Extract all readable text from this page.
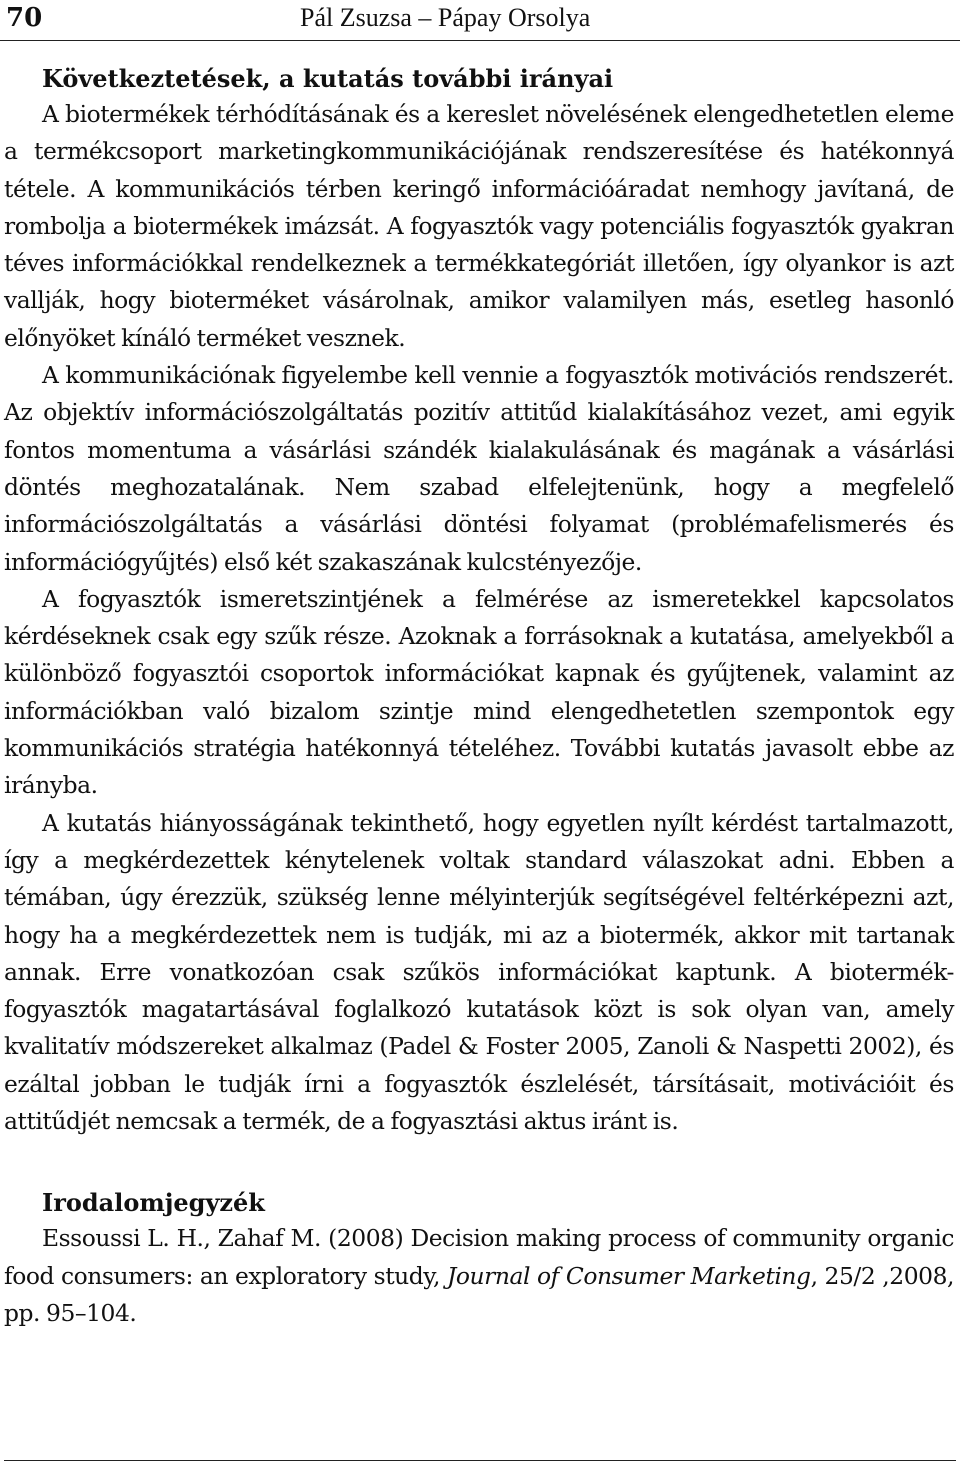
70	Pál Zsuzsa – Pápay Orsolya
Következtetések, a kutatás további irányai

A biotermékek térhódításának és a kereslet növelésének elengedhetetlen eleme a termékcsoport marketingkommunikációjának rendszeresítése és hatékonnyá tétele. A kommunikációs térben keringő információáradat nemhogy javítaná, de rombolja a biotermékek imázsát. A fogyasztók vagy potenciális fogyasztók gyakran téves információkkal rendelkeznek a termékkategóriát illetően, így olyankor is azt vallják, hogy bioterméket vásárolnak, amikor valamilyen más, esetleg hasonló előnyöket kínáló terméket vesznek.

A kommunikációnak figyelembe kell vennie a fogyasztók motivációs rendszerét. Az objektív információszolgáltatás pozitív attitűd kialakításához vezet, ami egyik fontos momentuma a vásárlási szándék kialakulásának és magának a vásárlási döntés meghozatalának. Nem szabad elfelejtenünk, hogy a megfelelő információszolgáltatás a vásárlási döntési folyamat (problémafelismerés és információgyűjtés) első két szakaszának kulcstényezője.

A fogyasztók ismeretszintjének a felmérése az ismeretekkel kapcsolatos kérdéseknek csak egy szűk része. Azoknak a forrásoknak a kutatása, amelyekből a különböző fogyasztói csoportok információkat kapnak és gyűjtenek, valamint az információkban való bizalom szintje mind elengedhetetlen szempontok egy kommunikációs stratégia hatékonnyá tételéhez. További kutatás javasolt ebbe az irányba.

A kutatás hiányosságának tekinthető, hogy egyetlen nyílt kérdést tartalmazott, így a megkérdezettek kénytelenek voltak standard válaszokat adni. Ebben a témában, úgy érezzük, szükség lenne mélyinterjúk segítségével feltérképezni azt, hogy ha a megkérdezettek nem is tudják, mi az a biotermék, akkor mit tartanak annak. Erre vonatkozóan csak szűkös információkat kaptunk. A biotermék-fogyasztók magatartásával foglalkozó kutatások közt is sok olyan van, amely kvalitatív módszereket alkalmaz (Padel & Foster 2005, Zanoli & Naspetti 2002), és ezáltal jobban le tudják írni a fogyasztók észlelését, társításait, motivációit és attitűdjét nemcsak a termék, de a fogyasztási aktus iránt is.

Irodalomjegyzék
Essoussi L. H., Zahaf M. (2008) Decision making process of community organic food consumers: an exploratory study, Journal of Consumer Marketing, 25/2 ,2008, pp. 95–104.
